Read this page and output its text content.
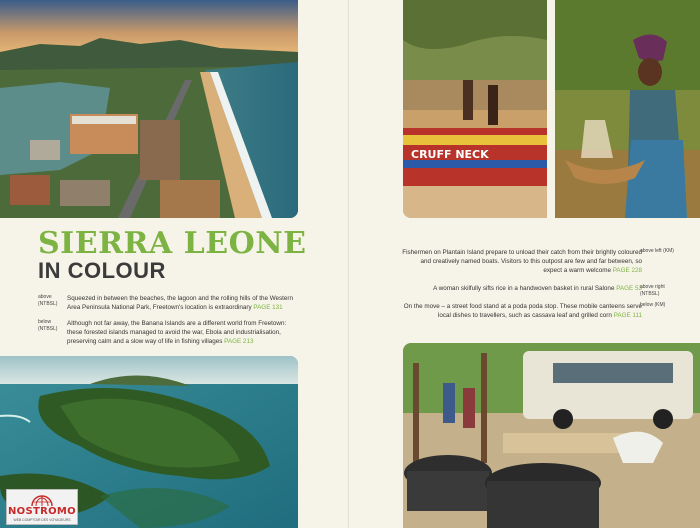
SIERRA LEONE
IN COLOUR
above (NTBSL)
Squeezed in between the beaches, the lagoon and the rolling hills of the Western Area Peninsula National Park, Freetown's location is extraordinary PAGE 131
below (NTBSL)
Although not far away, the Banana Islands are a different world from Freetown: these forested islands managed to avoid the war, Ebola and industrialisation, preserving calm and a slow way of life in fishing villages PAGE 213
NOSTROMO
WEB COMPTOIR DES VOYAGEURS
CRUFF NECK
Fishermen on Plantain Island prepare to unload their catch from their brightly coloured and creatively named boats. Visitors to this outpost are few and far between, so expect a warm welcome PAGE 228
A woman skilfully sifts rice in a handwoven basket in rural Salone PAGE 53
On the move – a street food stand at a poda poda stop. These mobile canteens serve local dishes to travellers, such as cassava leaf and grilled corn PAGE 111
above left (KM)
above right (NTBSL)
below (KM)
